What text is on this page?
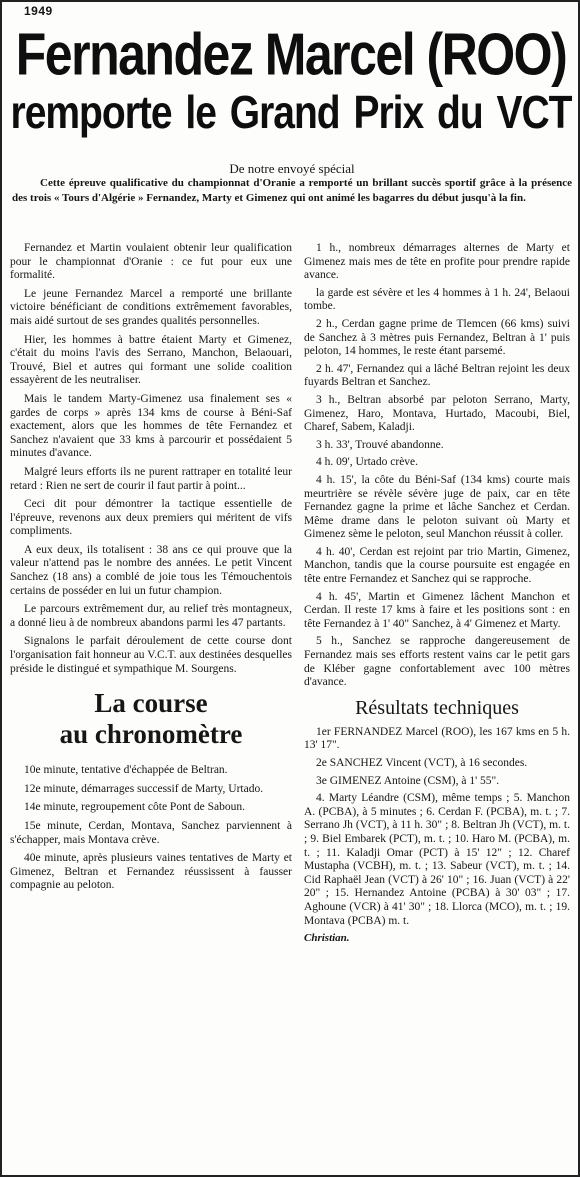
1949
Fernandez Marcel (ROO)
remporte le Grand Prix du VCT
De notre envoyé spécial

Cette épreuve qualificative du championnat d'Oranie a remporté un brillant succès sportif grâce à la présence des trois « Tours d'Algérie » Fernandez, Marty et Gimenez qui ont animé les bagarres du début jusqu'à la fin.

Fernandez et Martin voulaient obtenir leur qualification pour le championnat d'Oranie : ce fut pour eux une formalité.

Le jeune Fernandez Marcel a remporté une brillante victoire bénéficiant de conditions extrêmement favorables, mais aidé surtout de ses grandes qualités personnelles.

Hier, les hommes à battre étaient Marty et Gimenez, c'était du moins l'avis des Serrano, Manchon, Belaouari, Trouvé, Biel et autres qui formant une solide coalition essayèrent de les neutraliser.

Mais le tandem Marty-Gimenez usa finalement ses « gardes de corps » après 134 kms de course à Béni-Saf exactement, alors que les hommes de tête Fernandez et Sanchez n'avaient que 33 kms à parcourir et possédaient 5 minutes d'avance.

Malgré leurs efforts ils ne purent rattraper en totalité leur retard : Rien ne sert de courir il faut partir à point...

Ceci dit pour démontrer la tactique essentielle de l'épreuve, revenons aux deux premiers qui méritent de vifs compliments.

A eux deux, ils totalisent : 38 ans ce qui prouve que la valeur n'attend pas le nombre des années. Le petit Vincent Sanchez (18 ans) a comblé de joie tous les Témouchentois certains de posséder en lui un futur champion.

Le parcours extrêmement dur, au relief très montagneux, a donné lieu à de nombreux abandons parmi les 47 partants.

Signalons le parfait déroulement de cette course dont l'organisation fait honneur au V.C.T. aux destinées desquelles préside le distingué et sympathique M. Sourgens.

La course
au chronomètre

10e minute, tentative d'échappée de Beltran.

12e minute, démarrages successif de Marty, Urtado.

14e minute, regroupement côte Pont de Saboun.

15e minute, Cerdan, Montava, Sanchez parviennent à s'échapper, mais Montava crève.

40e minute, après plusieurs vaines tentatives de Marty et Gimenez, Beltran et Fernandez réussissent à fausser compagnie au peloton.

1 h., nombreux démarrages alternes de Marty et Gimenez mais mes de tête en profite pour prendre rapide avance.

la garde est sévère et les 4 hommes à 1 h. 24', Belaoui tombe.

2 h., Cerdan gagne prime de Tlemcen (66 kms) suivi de Sanchez à 3 mètres puis Fernandez, Beltran à 1' puis peloton, 14 hommes, le reste étant parsemé.

2 h. 47', Fernandez qui a lâché Beltran rejoint les deux fuyards Beltran et Sanchez.

3 h., Beltran absorbé par peloton Serrano, Marty, Gimenez, Haro, Montava, Hurtado, Macoubi, Biel, Charef, Sabem, Kaladji.

3 h. 33', Trouvé abandonne.

4 h. 09', Urtado crève.

4 h. 15', la côte du Béni-Saf (134 kms) courte mais meurtrière se révèle sévère juge de paix, car en tête Fernandez gagne la prime et lâche Sanchez et Cerdan. Même drame dans le peloton suivant où Marty et Gimenez sème le peloton, seul Manchon réussit à coller.

4 h. 40', Cerdan est rejoint par trio Martin, Gimenez, Manchon, tandis que la course poursuite est engagée en tête entre Fernandez et Sanchez qui se rapproche.

4 h. 45', Martin et Gimenez lâchent Manchon et Cerdan. Il reste 17 kms à faire et les positions sont : en tête Fernandez à 1' 40" Sanchez, à 4' Gimenez et Marty.

5 h., Sanchez se rapproche dangereusement de Fernandez mais ses efforts restent vains car le petit gars de Kléber gagne confortablement avec 100 mètres d'avance.

Résultats techniques

1er FERNANDEZ Marcel (ROO), les 167 kms en 5 h. 13' 17".

2e SANCHEZ Vincent (VCT), à 16 secondes.

3e GIMENEZ Antoine (CSM), à 1' 55".

4. Marty Léandre (CSM), même temps ; 5. Manchon A. (PCBA), à 5 minutes ; 6. Cerdan F. (PCBA), m. t. ; 7. Serrano Jh (VCT), à 11 h. 30" ; 8. Beltran Jh (VCT), m. t. ; 9. Biel Embarek (PCT), m. t. ; 10. Haro M. (PCBA), m. t. ; 11. Kaladji Omar (PCT) à 15' 12" ; 12. Charef Mustapha (VCBH), m. t. ; 13. Sabeur (VCT), m. t. ; 14. Cid Raphaël Jean (VCT) à 26' 10" ; 16. Juan (VCT) à 22' 20" ; 15. Hernandez Antoine (PCBA) à 30' 03" ; 17. Aghoune (VCR) à 41' 30" ; 18. Llorca (MCO), m. t. ; 19. Montava (PCBA) m. t.

Christian.
